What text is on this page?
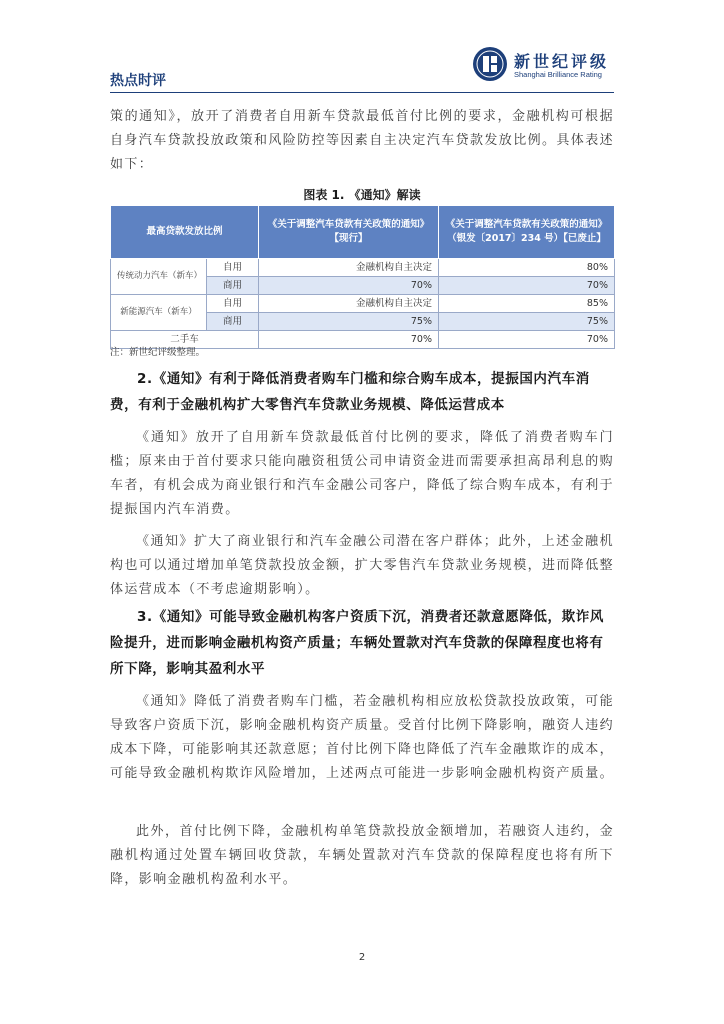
新世纪评级
Shanghai Brilliance Rating
热点时评

策的通知》，放开了消费者自用新车贷款最低首付比例的要求，金融机构可根据自身汽车贷款投放政策和风险防控等因素自主决定汽车贷款发放比例。具体表述如下：

图表 1. 《通知》解读
最高贷款发放比例		《关于调整汽车贷款有关政策的通知》【现行】	《关于调整汽车贷款有关政策的通知》（银发〔2017〕234 号）【已废止】
传统动力汽车（新车）	自用	金融机构自主决定	80%
	商用	70%	70%
新能源汽车（新车）	自用	金融机构自主决定	85%
	商用	75%	75%
二手车		70%	70%
注：新世纪评级整理。

2.《通知》有利于降低消费者购车门槛和综合购车成本，提振国内汽车消费，有利于金融机构扩大零售汽车贷款业务规模、降低运营成本

《通知》放开了自用新车贷款最低首付比例的要求，降低了消费者购车门槛；原来由于首付要求只能向融资租赁公司申请资金进而需要承担高昂利息的购车者，有机会成为商业银行和汽车金融公司客户，降低了综合购车成本，有利于提振国内汽车消费。

《通知》扩大了商业银行和汽车金融公司潜在客户群体；此外，上述金融机构也可以通过增加单笔贷款投放金额，扩大零售汽车贷款业务规模，进而降低整体运营成本（不考虑逾期影响）。

3.《通知》可能导致金融机构客户资质下沉，消费者还款意愿降低，欺诈风险提升，进而影响金融机构资产质量；车辆处置款对汽车贷款的保障程度也将有所下降，影响其盈利水平

《通知》降低了消费者购车门槛，若金融机构相应放松贷款投放政策，可能导致客户资质下沉，影响金融机构资产质量。受首付比例下降影响，融资人违约成本下降，可能影响其还款意愿；首付比例下降也降低了汽车金融欺诈的成本，可能导致金融机构欺诈风险增加，上述两点可能进一步影响金融机构资产质量。

此外，首付比例下降，金融机构单笔贷款投放金额增加，若融资人违约，金融机构通过处置车辆回收贷款，车辆处置款对汽车贷款的保障程度也将有所下降，影响金融机构盈利水平。

2
